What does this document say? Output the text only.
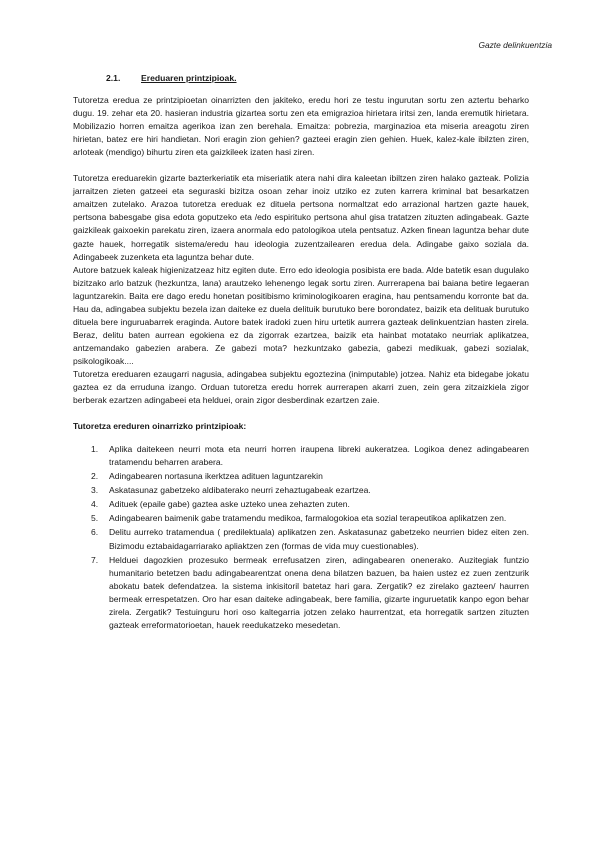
Gazte delinkuentzia
2.1. Ereduaren printzipioak.

Tutoretza eredua ze printzipioetan oinarrizten den jakiteko, eredu hori ze testu ingurutan sortu zen aztertu beharko dugu. 19. zehar eta 20. hasieran industria gizartea sortu zen eta emigrazioa hirietara iritsi zen, landa eremutik hirietara. Mobilizazio horren emaitza agerikoa izan zen berehala. Emaitza: pobrezia, marginazioa eta miseria areagotu ziren hirietan, batez ere hiri handietan. Nori eragin zion gehien? gazteei eragin zien gehien. Huek, kalez-kale ibilzten ziren, arloteak (mendigo) bihurtu ziren eta gaizkileek izaten hasi ziren.

Tutoretza ereduarekin gizarte bazterkeriatik eta miseriatik atera nahi dira kaleetan ibiltzen ziren halako gazteak. Polizia jarraitzen zieten gatzeei eta seguraski bizitza osoan zehar inoiz utziko ez zuten karrera kriminal bat besarkatzen amaitzen zutelako. Arazoa tutoretza ereduak ez dituela pertsona normaltzat edo arrazional hartzen gazte hauek, pertsona babesgabe gisa edota goputzeko eta /edo espirituko pertsona ahul gisa tratatzen zituzten adingabeak. Gazte gaizkileak gaixoekin parekatu ziren, izaera anormala edo patologikoa utela pentsatuz. Azken finean laguntza behar dute gazte hauek, horregatik sistema/eredu hau ideologia zuzentzailearen eredua dela. Adingabe gaixo soziala da. Adingabeek zuzenketa eta laguntza behar dute.

Autore batzuek kaleak higienizatzeaz hitz egiten dute. Erro edo ideologia posibista ere bada. Alde batetik esan dugulako bizitzako arlo batzuk (hezkuntza, lana) arautzeko lehenengo legak sortu ziren. Aurrerapena bai baiana betire legaeran laguntzarekin. Baita ere dago eredu honetan positibismo kriminologikoaren eragina, hau pentsamendu korronte bat da. Hau da, adingabea subjektu bezela izan daiteke ez duela delituik burutuko bere borondatez, baizik eta delituak burutuko dituela bere inguruabarrek eraginda. Autore batek iradoki zuen hiru urtetik aurrera gazteak delinkuentzian hasten zirela. Beraz, delitu baten aurrean egokiena ez da zigorrak ezartzea, baizik eta hainbat motatako neurriak aplikatzea, antzemandako gabezien arabera. Ze gabezi mota? hezkuntzako gabezia, gabezi medikuak, gabezi sozialak, psikologikoak....

Tutoretza ereduaren ezaugarri nagusia, adingabea subjektu egoztezina (inimputable) jotzea. Nahiz eta bidegabe jokatu gaztea ez da erruduna izango. Orduan tutoretza eredu horrek aurrerapen akarri zuen, zein gera zitzaizkiela zigor berberak ezartzen adingabeei eta helduei, orain zigor desberdinak ezartzen zaie.

Tutoretza ereduren oinarrizko printzipioak:
1. Aplika daitekeen neurri mota eta neurri horren iraupena libreki aukeratzea. Logikoa denez adingabearen tratamendu beharren arabera.
2. Adingabearen nortasuna ikerktzea adituen laguntzarekin
3. Askatasunaz gabetzeko aldibaterako neurri zehaztugabeak ezartzea.
4. Adituek (epaile gabe) gaztea aske uzteko unea zehazten zuten.
5. Adingabearen baimenik gabe tratamendu medikoa, farmalogokioa eta sozial terapeutikoa aplikatzen zen.
6. Delitu aurreko tratamendua ( predilektuala) aplikatzen zen. Askatasunaz gabetzeko neurrien bidez eiten zen. Bizimodu eztabaidagarriarako apliaktzen zen (formas de vida muy cuestionables).
7. Helduei dagozkien prozesuko bermeak errefusatzen ziren, adingabearen onenerako. Auzitegiak funtzio humanitario betetzen badu adingabearentzat onena dena bilatzen bazuen, ba haien ustez ez zuen zentzurik abokatu batek defendatzea. Ia sistema inkisitoril batetaz hari gara. Zergatik? ez zirelako gazteen/ haurren bermeak errespetatzen. Oro har esan daiteke adingabeak, bere familia, gizarte inguruetatik kanpo egon behar zirela. Zergatik? Testuinguru hori oso kaltegarria jotzen zelako haurrentzat, eta horregatik sartzen zituzten gazteak erreformatorioetan, hauek reedukatzeko mesedetan.
